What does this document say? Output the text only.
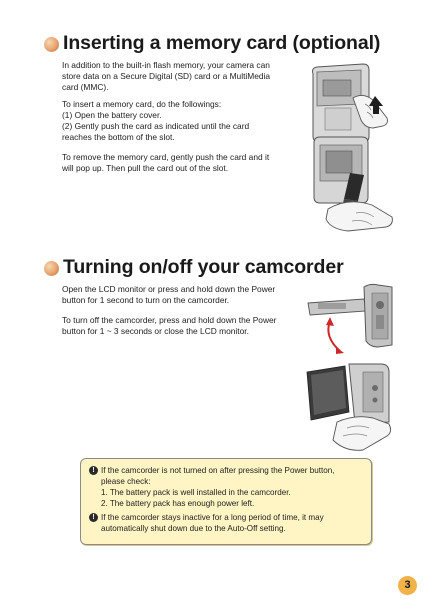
Inserting a memory card (optional)
In addition to the built-in flash memory, your camera can
store data on a Secure Digital (SD) card or a MultiMedia
card (MMC).
To insert a memory card, do the followings:
(1) Open the battery cover.
(2) Gently push the card as indicated until the card
reaches the bottom of the slot.
To remove the memory card, gently push the card and it
will pop up. Then pull the card out of the slot.
Turning on/off your camcorder
Open the LCD monitor or press and hold down the Power
button for 1 second to turn on the camcorder.
To turn off the camcorder, press and hold down the Power
button for 1 ~ 3 seconds or close the LCD monitor.
! If the camcorder is not turned on after pressing the Power button,
please check:
1. The battery pack is well installed in the camcorder.
2. The battery pack has enough power left.
! If the camcorder stays inactive for a long period of time, it may
automatically shut down due to the Auto-Off setting.
3
